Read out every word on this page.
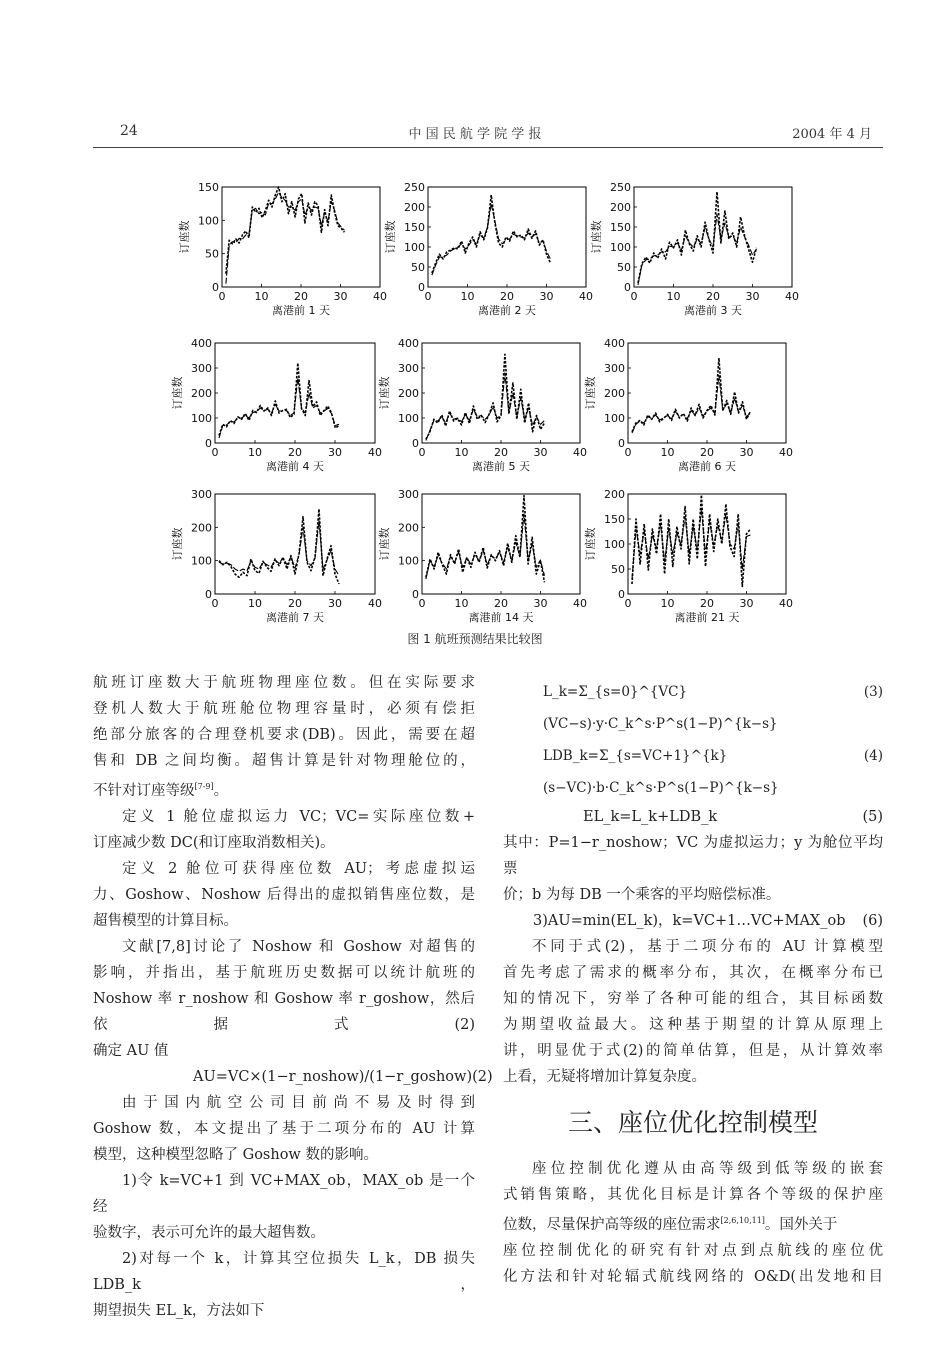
24	中 国 民 航 学 院 学 报	2004 年 4 月
0	10 20 30 40
0
50
100
150
离港前 1 天
订座数
0	10 20 30 40
0
50
100
150
200
250
离港前 2 天
订座数
0	10 20 30 40
0
50
100
150
200
250
离港前 3 天
订座数
0	10 20 30 40
0
100
200
300
400
离港前 4 天
订座数
0	10 20 30 40
0
100
200
300
400
离港前 5 天
订座数
0	10 20 30 40
0
100
200
300
400
离港前 6 天
订座数
0	10 20 30 40
0
100
200
300
离港前 7 天
订座数
0	10 20 30 40
0
100
200
300
离港前 14 天
订座数
0	10 20 30 40
0
50
100
150
200
离港前 21 天
订座数
图 1 航班预测结果比较图

航班订座数大于航班物理座位数。但在实际要求

登机人数大于航班舱位物理容量时，必须有偿拒

绝部分旅客的合理登机要求(DB)。因此，需要在超

售和 DB 之间均衡。超售计算是针对物理舱位的，

不针对订座等级[7-9]。

定义 1 舱位虚拟运力 VC；VC=实际座位数+

订座减少数 DC(和订座取消数相关)。

定义 2 舱位可获得座位数 AU；考虑虚拟运

力、Goshow、Noshow 后得出的虚拟销售座位数，是

超售模型的计算目标。

文献[7,8]讨论了 Noshow 和 Goshow 对超售的

影响，并指出，基于航班历史数据可以统计航班的

Noshow 率 r_noshow 和 Goshow 率 r_goshow，然后依据式(2)

确定 AU 值

AU=VC×(1−r_noshow)/(1−r_goshow) (2)

由于国内航空公司目前尚不易及时得到

Goshow 数，本文提出了基于二项分布的 AU 计算

模型，这种模型忽略了 Goshow 数的影响。

1)令 k=VC+1 到 VC+MAX_ob，MAX_ob 是一个经

验数字，表示可允许的最大超售数。

2)对每一个 k，计算其空位损失 L_k，DB 损失 LDB_k，

期望损失 EL_k，方法如下

L_k=Σ_{s=0}^{VC}(VC−s)·y·C_k^s·P^s(1−P)^{k−s}
(3)

LDB_k=Σ_{s=VC+1}^{k}(s−VC)·b·C_k^s·P^s(1−P)^{k−s}
(4)

EL_k=L_k+LDB_k	(5)

其中：P=1−r_noshow；VC 为虚拟运力；y 为舱位平均票

价；b 为每 DB 一个乘客的平均赔偿标准。

3)AU=min(EL_k)，k=VC+1…VC+MAX_ob (6)

不同于式(2)，基于二项分布的 AU 计算模型

首先考虑了需求的概率分布，其次，在概率分布已

知的情况下，穷举了各种可能的组合，其目标函数

为期望收益最大。这种基于期望的计算从原理上

讲，明显优于式(2)的简单估算，但是，从计算效率

上看，无疑将增加计算复杂度。

三、座位优化控制模型

座位控制优化遵从由高等级到低等级的嵌套

式销售策略，其优化目标是计算各个等级的保护座

位数，尽量保护高等级的座位需求[2,6,10,11]。国外关于

座位控制优化的研究有针对点到点航线的座位优

化方法和针对轮辐式航线网络的 O&D(出发地和目
